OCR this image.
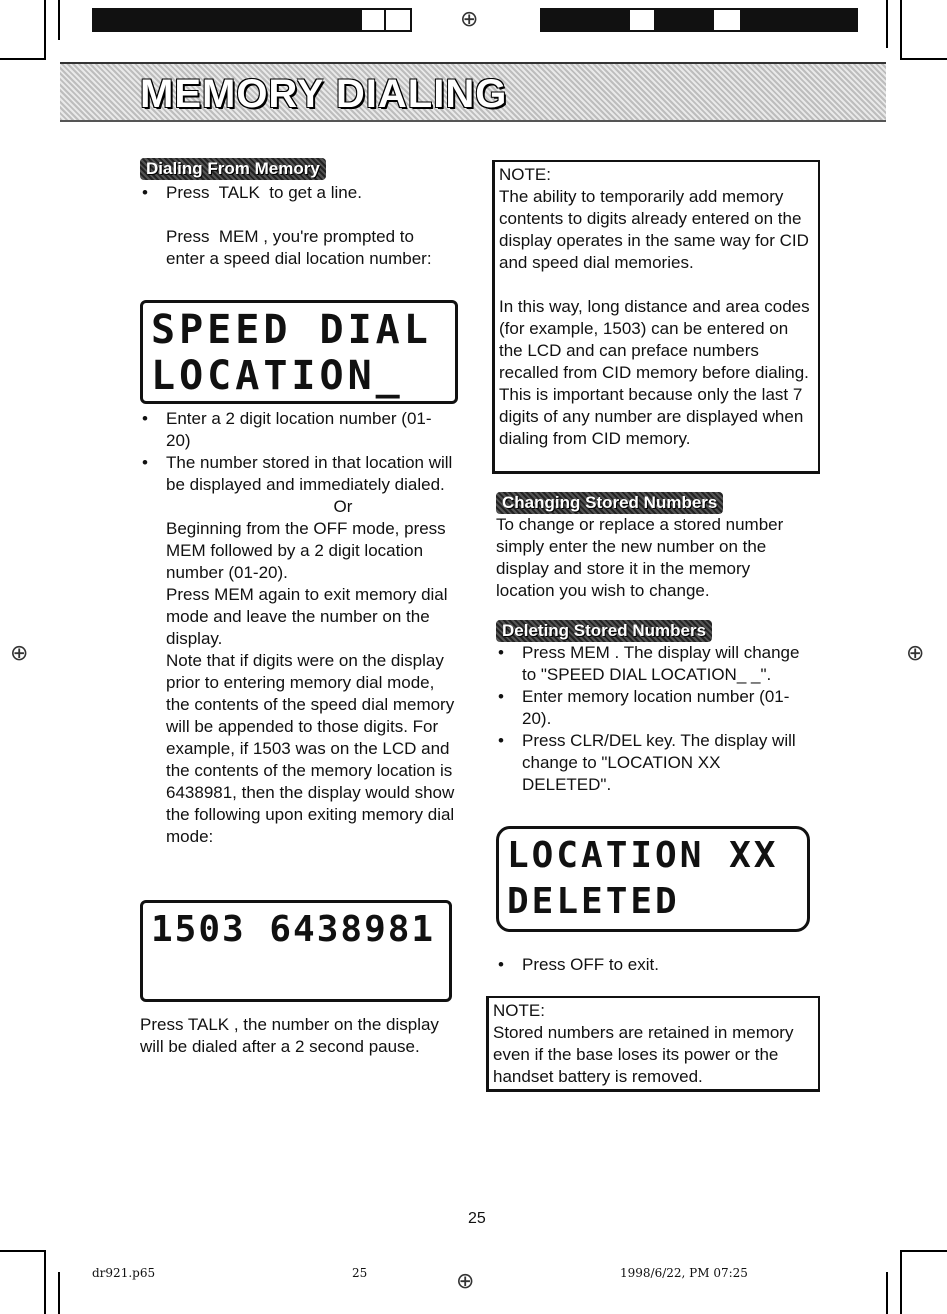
⊕
MEMORY DIALING
Dialing From Memory

• Press  TALK  to get a line.

Press  MEM , you're prompted to enter a speed dial location number:

SPEED DIAL
LOCATION_

• Enter a 2 digit location number (01-20)

• The number stored in that location will be displayed and immediately dialed.

Or

Beginning from the OFF mode, press MEM followed by a 2 digit location number (01-20).

Press MEM again to exit memory dial mode and leave the number on the display.

Note that if digits were on the display prior to entering memory dial mode, the contents of the speed dial memory will be appended to those digits. For example, if 1503 was on the LCD and the contents of the memory location is 6438981, then the display would show the following upon exiting memory dial mode:

1503 6438981

Press TALK , the number on the display will be dialed after a 2 second pause.

NOTE:

The ability to temporarily add memory contents to digits already entered on the display operates in the same way for CID and speed dial memories.

In this way, long distance and area codes (for example, 1503) can be entered on the LCD and can preface numbers recalled from CID memory before dialing. This is important because only the last 7 digits of any number are displayed when dialing from CID memory.

Changing Stored Numbers

To change or replace a stored number simply enter the new number on the display and store it in the memory location you wish to change.

Deleting Stored Numbers

• Press MEM . The display will change to "SPEED DIAL LOCATION_ _".

• Enter memory location number (01-20).

• Press CLR/DEL key. The display will change to "LOCATION XX DELETED".

LOCATION XX
DELETED

• Press OFF to exit.

NOTE:

Stored numbers are retained in memory even if the base loses its power or the handset battery is removed.

⊕	⊕
25
dr921.p65	25	⊕	1998/6/22, PM 07:25
